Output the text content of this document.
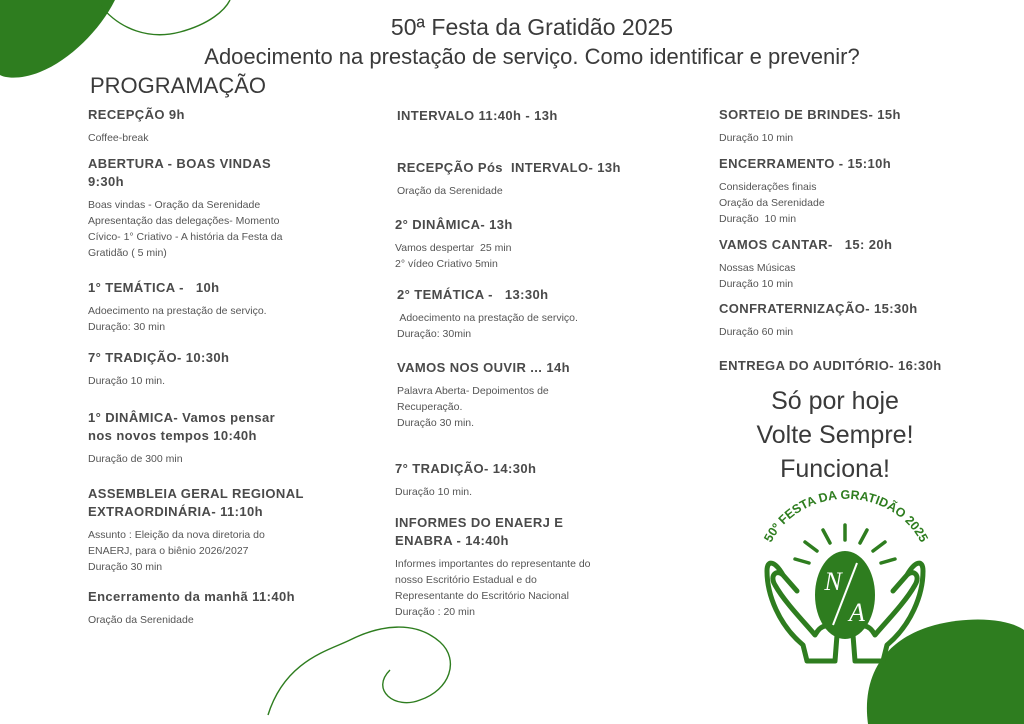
50ª Festa da Gratidão 2025
Adoecimento na prestação de serviço. Como identificar e prevenir?
PROGRAMAÇÃO
RECEPÇÃO 9h
Coffee-break
ABERTURA - BOAS VINDAS
9:30h
Boas vindas - Oração da Serenidade
Apresentação das delegações- Momento
Cívico- 1° Criativo - A história da Festa da
Gratidão ( 5 min)
1° TEMÁTICA -   10h
Adoecimento na prestação de serviço.
Duração: 30 min
7° TRADIÇÃO- 10:30h
Duração 10 min.
1° DINÂMICA- Vamos pensar
nos novos tempos 10:40h
Duração de 300 min
ASSEMBLEIA GERAL REGIONAL
EXTRAORDINÁRIA- 11:10h
Assunto : Eleição da nova diretoria do
ENAERJ, para o biênio 2026/2027
Duração 30 min
Encerramento da manhã 11:40h
Oração da Serenidade
INTERVALO 11:40h - 13h
RECEPÇÃO Pós  INTERVALO- 13h
Oração da Serenidade
2° DINÂMICA- 13h
Vamos despertar  25 min
2° vídeo Criativo 5min
2° TEMÁTICA -   13:30h
Adoecimento na prestação de serviço.
Duração: 30min
VAMOS NOS OUVIR ... 14h
Palavra Aberta- Depoimentos de
Recuperação.
Duração 30 min.
7° TRADIÇÃO- 14:30h
Duração 10 min.
INFORMES DO ENAERJ E
ENABRA - 14:40h
Informes importantes do representante do
nosso Escritório Estadual e do
Representante do Escritório Nacional
Duração : 20 min
SORTEIO DE BRINDES- 15h
Duração 10 min
ENCERRAMENTO - 15:10h
Considerações finais
Oração da Serenidade
Duração  10 min
VAMOS CANTAR-   15: 20h
Nossas Músicas
Duração 10 min
CONFRATERNIZAÇÃO- 15:30h
Duração 60 min
ENTREGA DO AUDITÓRIO- 16:30h
Só por hoje
Volte Sempre!
Funciona!
50º FESTA DA GRATIDÃO 2025
N
A
